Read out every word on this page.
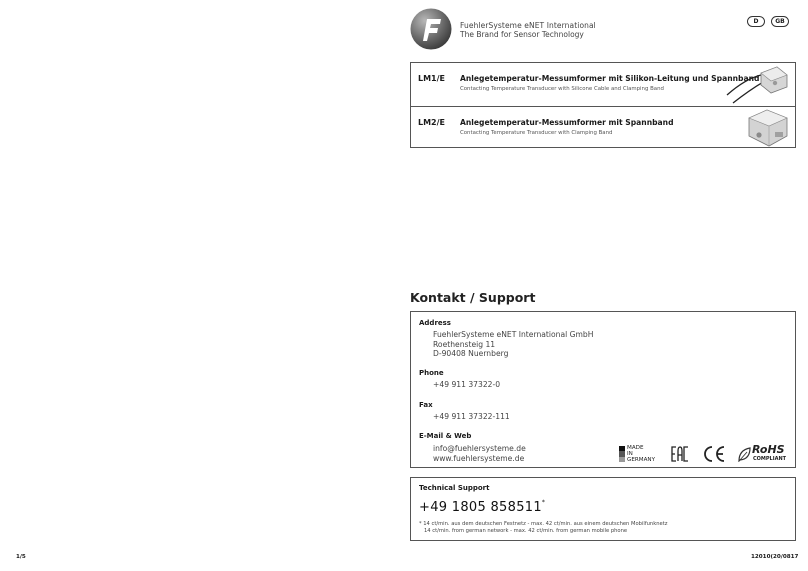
F
FuehlerSysteme eNET International
The Brand for Sensor Technology
D	GB
LM1/E Anlegetemperatur-Messumformer mit Silikon-Leitung und Spannband
Contacting Temperature Transducer with Silicone Cable and Clamping Band
LM2/E Anlegetemperatur-Messumformer mit Spannband
Contacting Temperature Transducer with Clamping Band
Kontakt / Support
Address
FuehlerSysteme eNET International GmbH
Roethensteig 11
D-90408 Nuernberg
Phone
+49 911 37322-0
Fax
+49 911 37322-111
E-Mail & Web
info@fuehlersysteme.de
www.fuehlersysteme.de
MADE
IN
GERMANY
EAC
CE	RoHS
COMPLIANT
Technical Support
+49 1805 858511*
* 14 ct/min. aus dem deutschen Festnetz - max. 42 ct/min. aus einem deutschen Mobilfunknetz
14 ct/min. from german network - max. 42 ct/min. from german mobile phone
1/5	12010(20/0817
